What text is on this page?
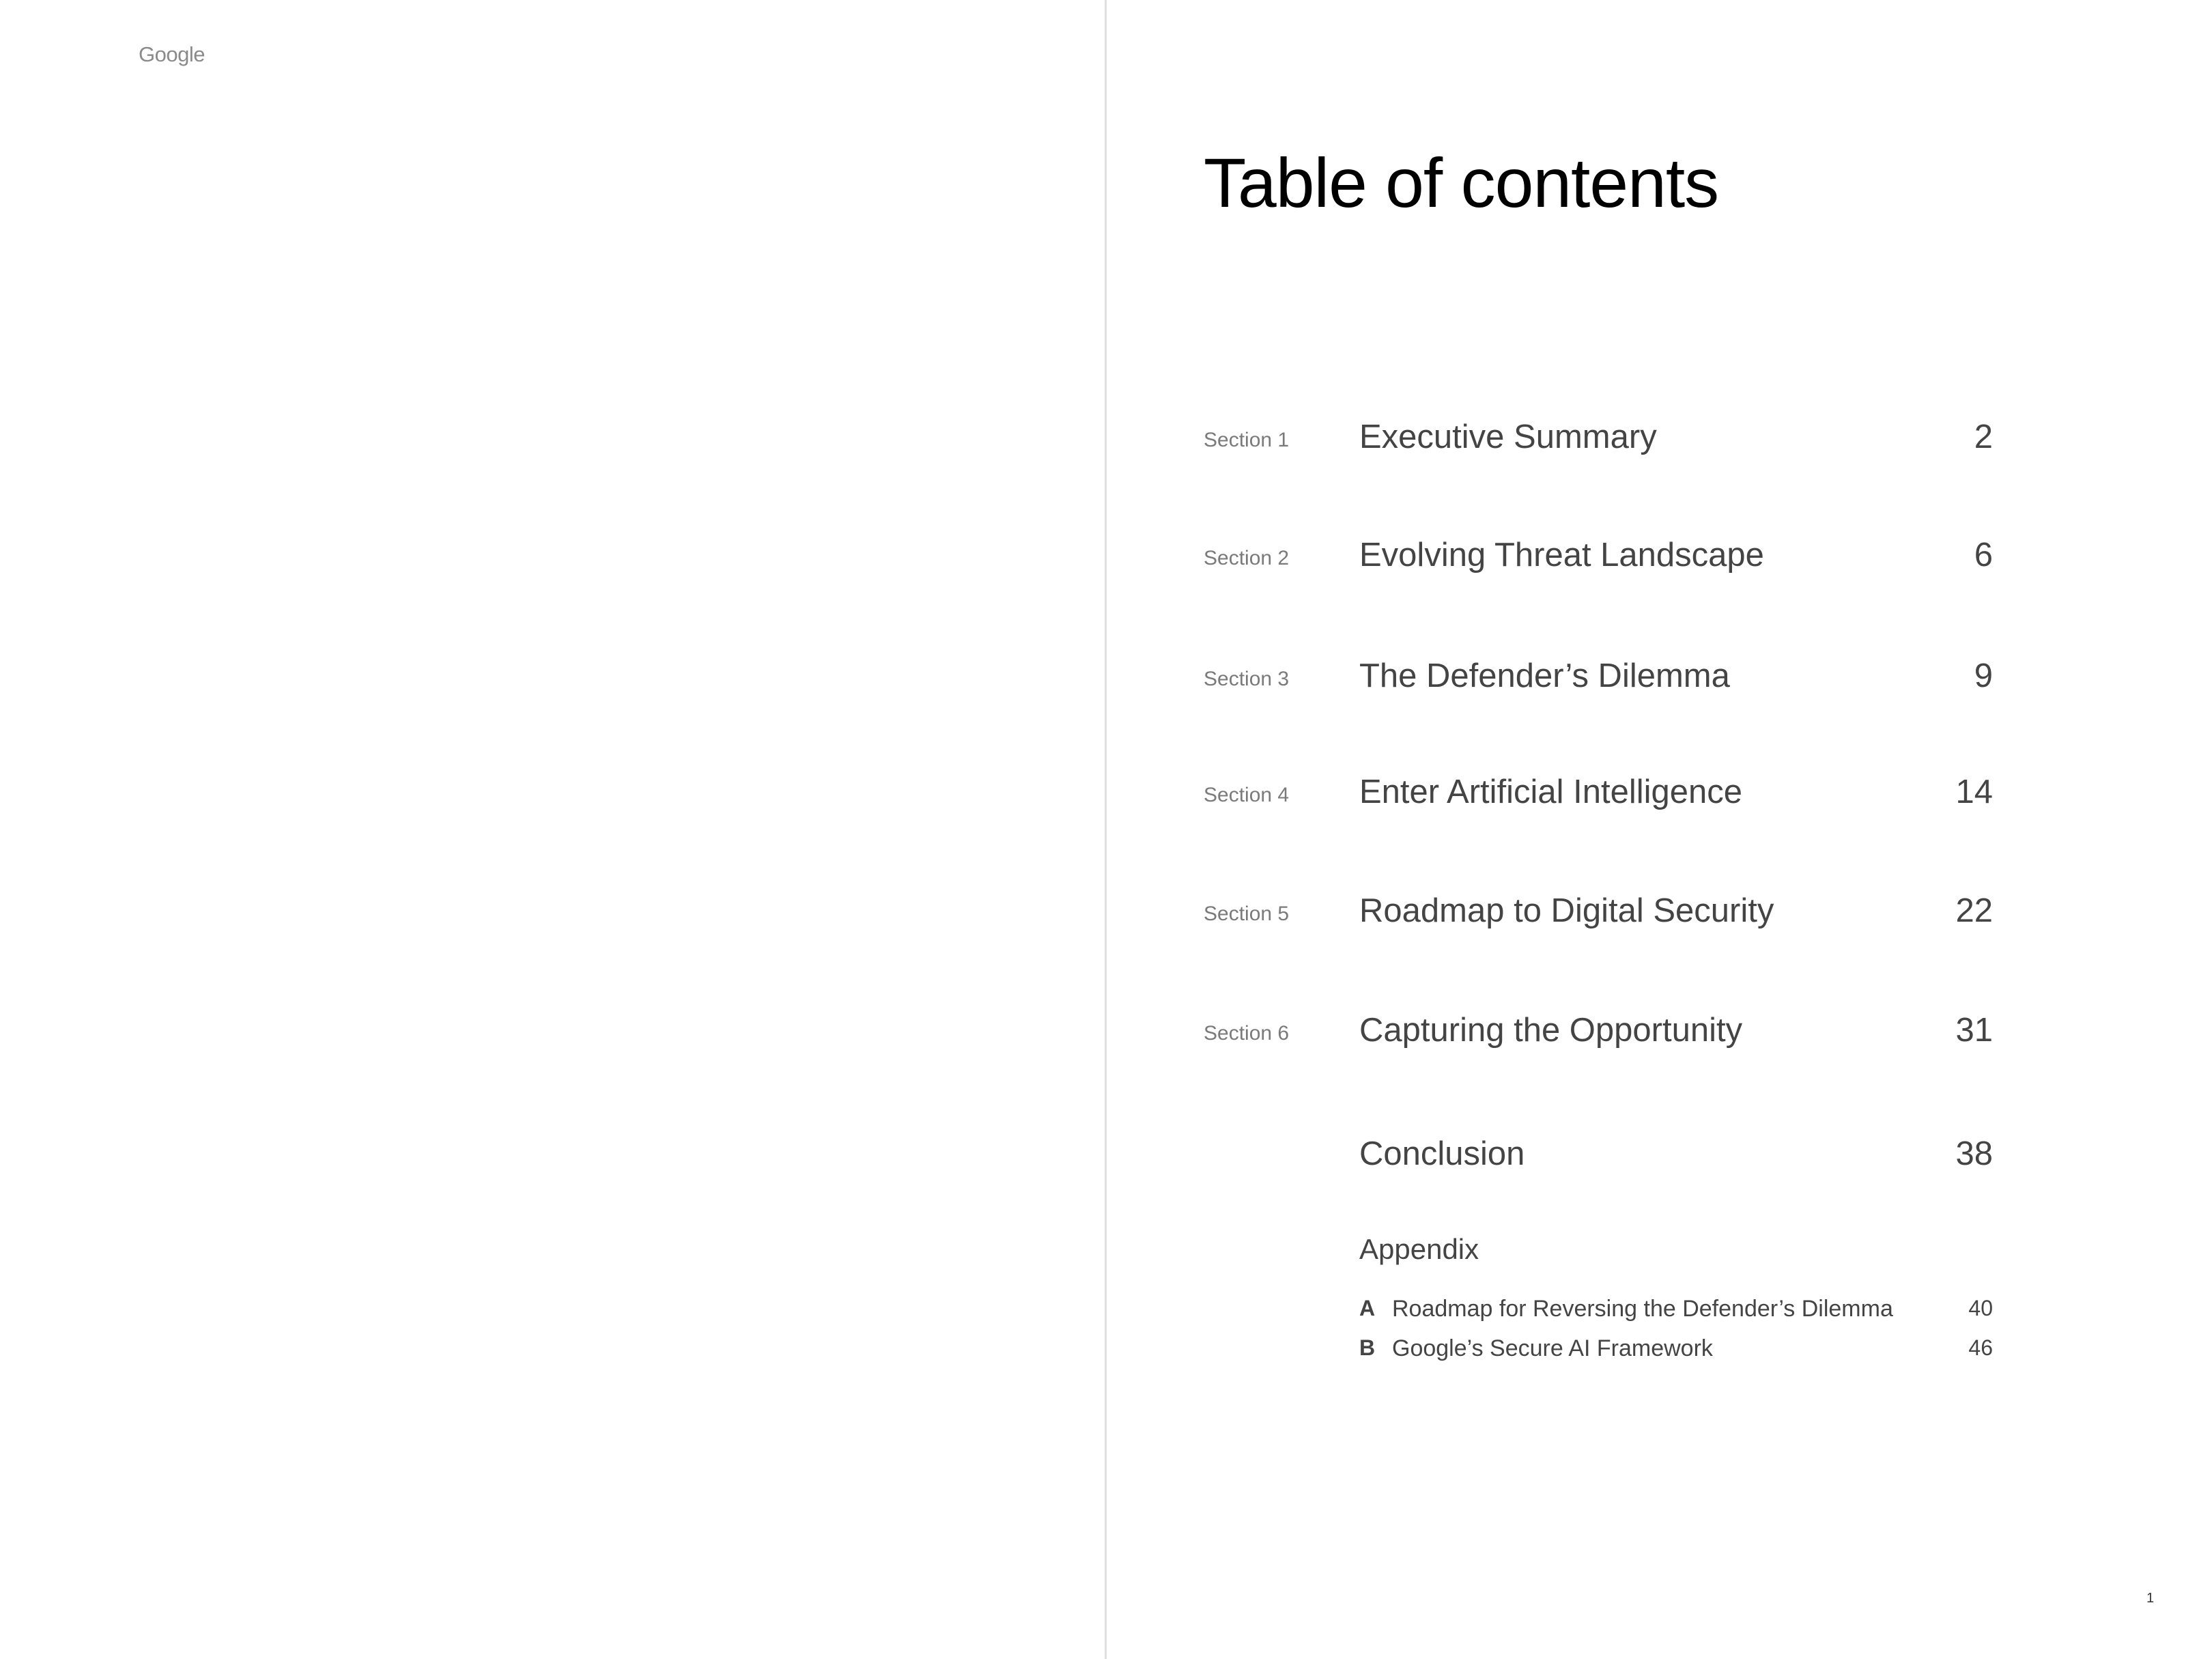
Google
Table of contents
Section 1 Executive Summary	2
Section 2 Evolving Threat Landscape	6
Section 3 The Defender’s Dilemma	9
Section 4 Enter Artificial Intelligence	14
Section 5 Roadmap to Digital Security	22
Section 6 Capturing the Opportunity	31
Conclusion	38
Appendix
A Roadmap for Reversing the Defender’s Dilemma	40
B Google’s Secure AI Framework	46
1
